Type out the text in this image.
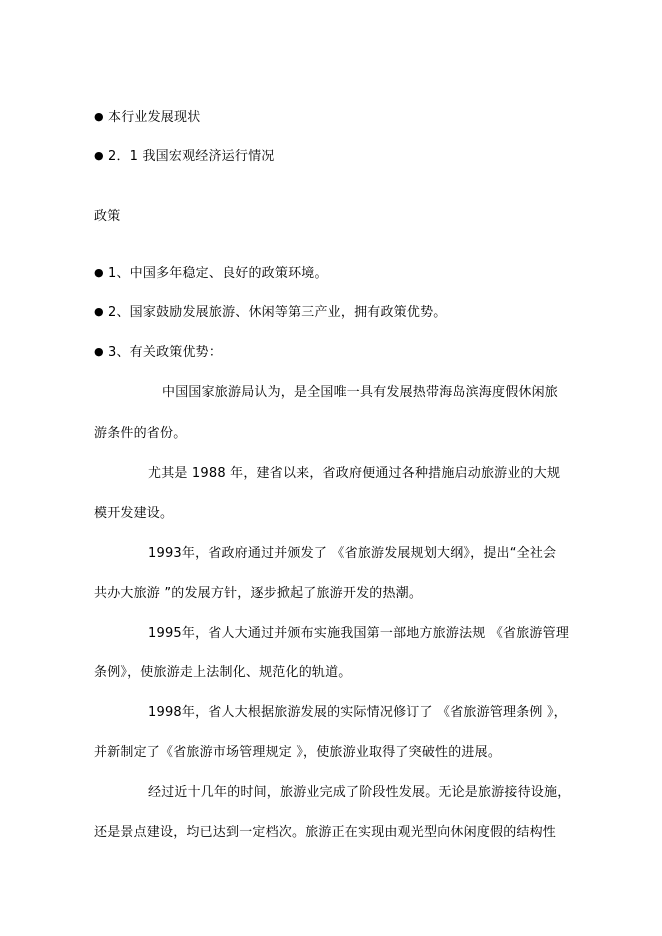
●本行业发展现状
●2．1 我国宏观经济运行情况
政策
●1、中国多年稳定、良好的政策环境。
●2、国家鼓励发展旅游、休闲等第三产业，拥有政策优势。
●3、有关政策优势：
中国国家旅游局认为，是全国唯一具有发展热带海岛滨海度假休闲旅
游条件的省份。
尤其是 1988 年，建省以来，省政府便通过各种措施启动旅游业的大规
模开发建设。
1993年，省政府通过并颁发了 《省旅游发展规划大纲》，提出“全社会
共办大旅游 ”的发展方针，逐步掀起了旅游开发的热潮。
1995年，省人大通过并颁布实施我国第一部地方旅游法规 《省旅游管理
条例》，使旅游走上法制化、规范化的轨道。
1998年，省人大根据旅游发展的实际情况修订了 《省旅游管理条例 》，
并新制定了《省旅游市场管理规定 》，使旅游业取得了突破性的进展。
经过近十几年的时间，旅游业完成了阶段性发展。无论是旅游接待设施，
还是景点建设，均已达到一定档次。旅游正在实现由观光型向休闲度假的结构性
